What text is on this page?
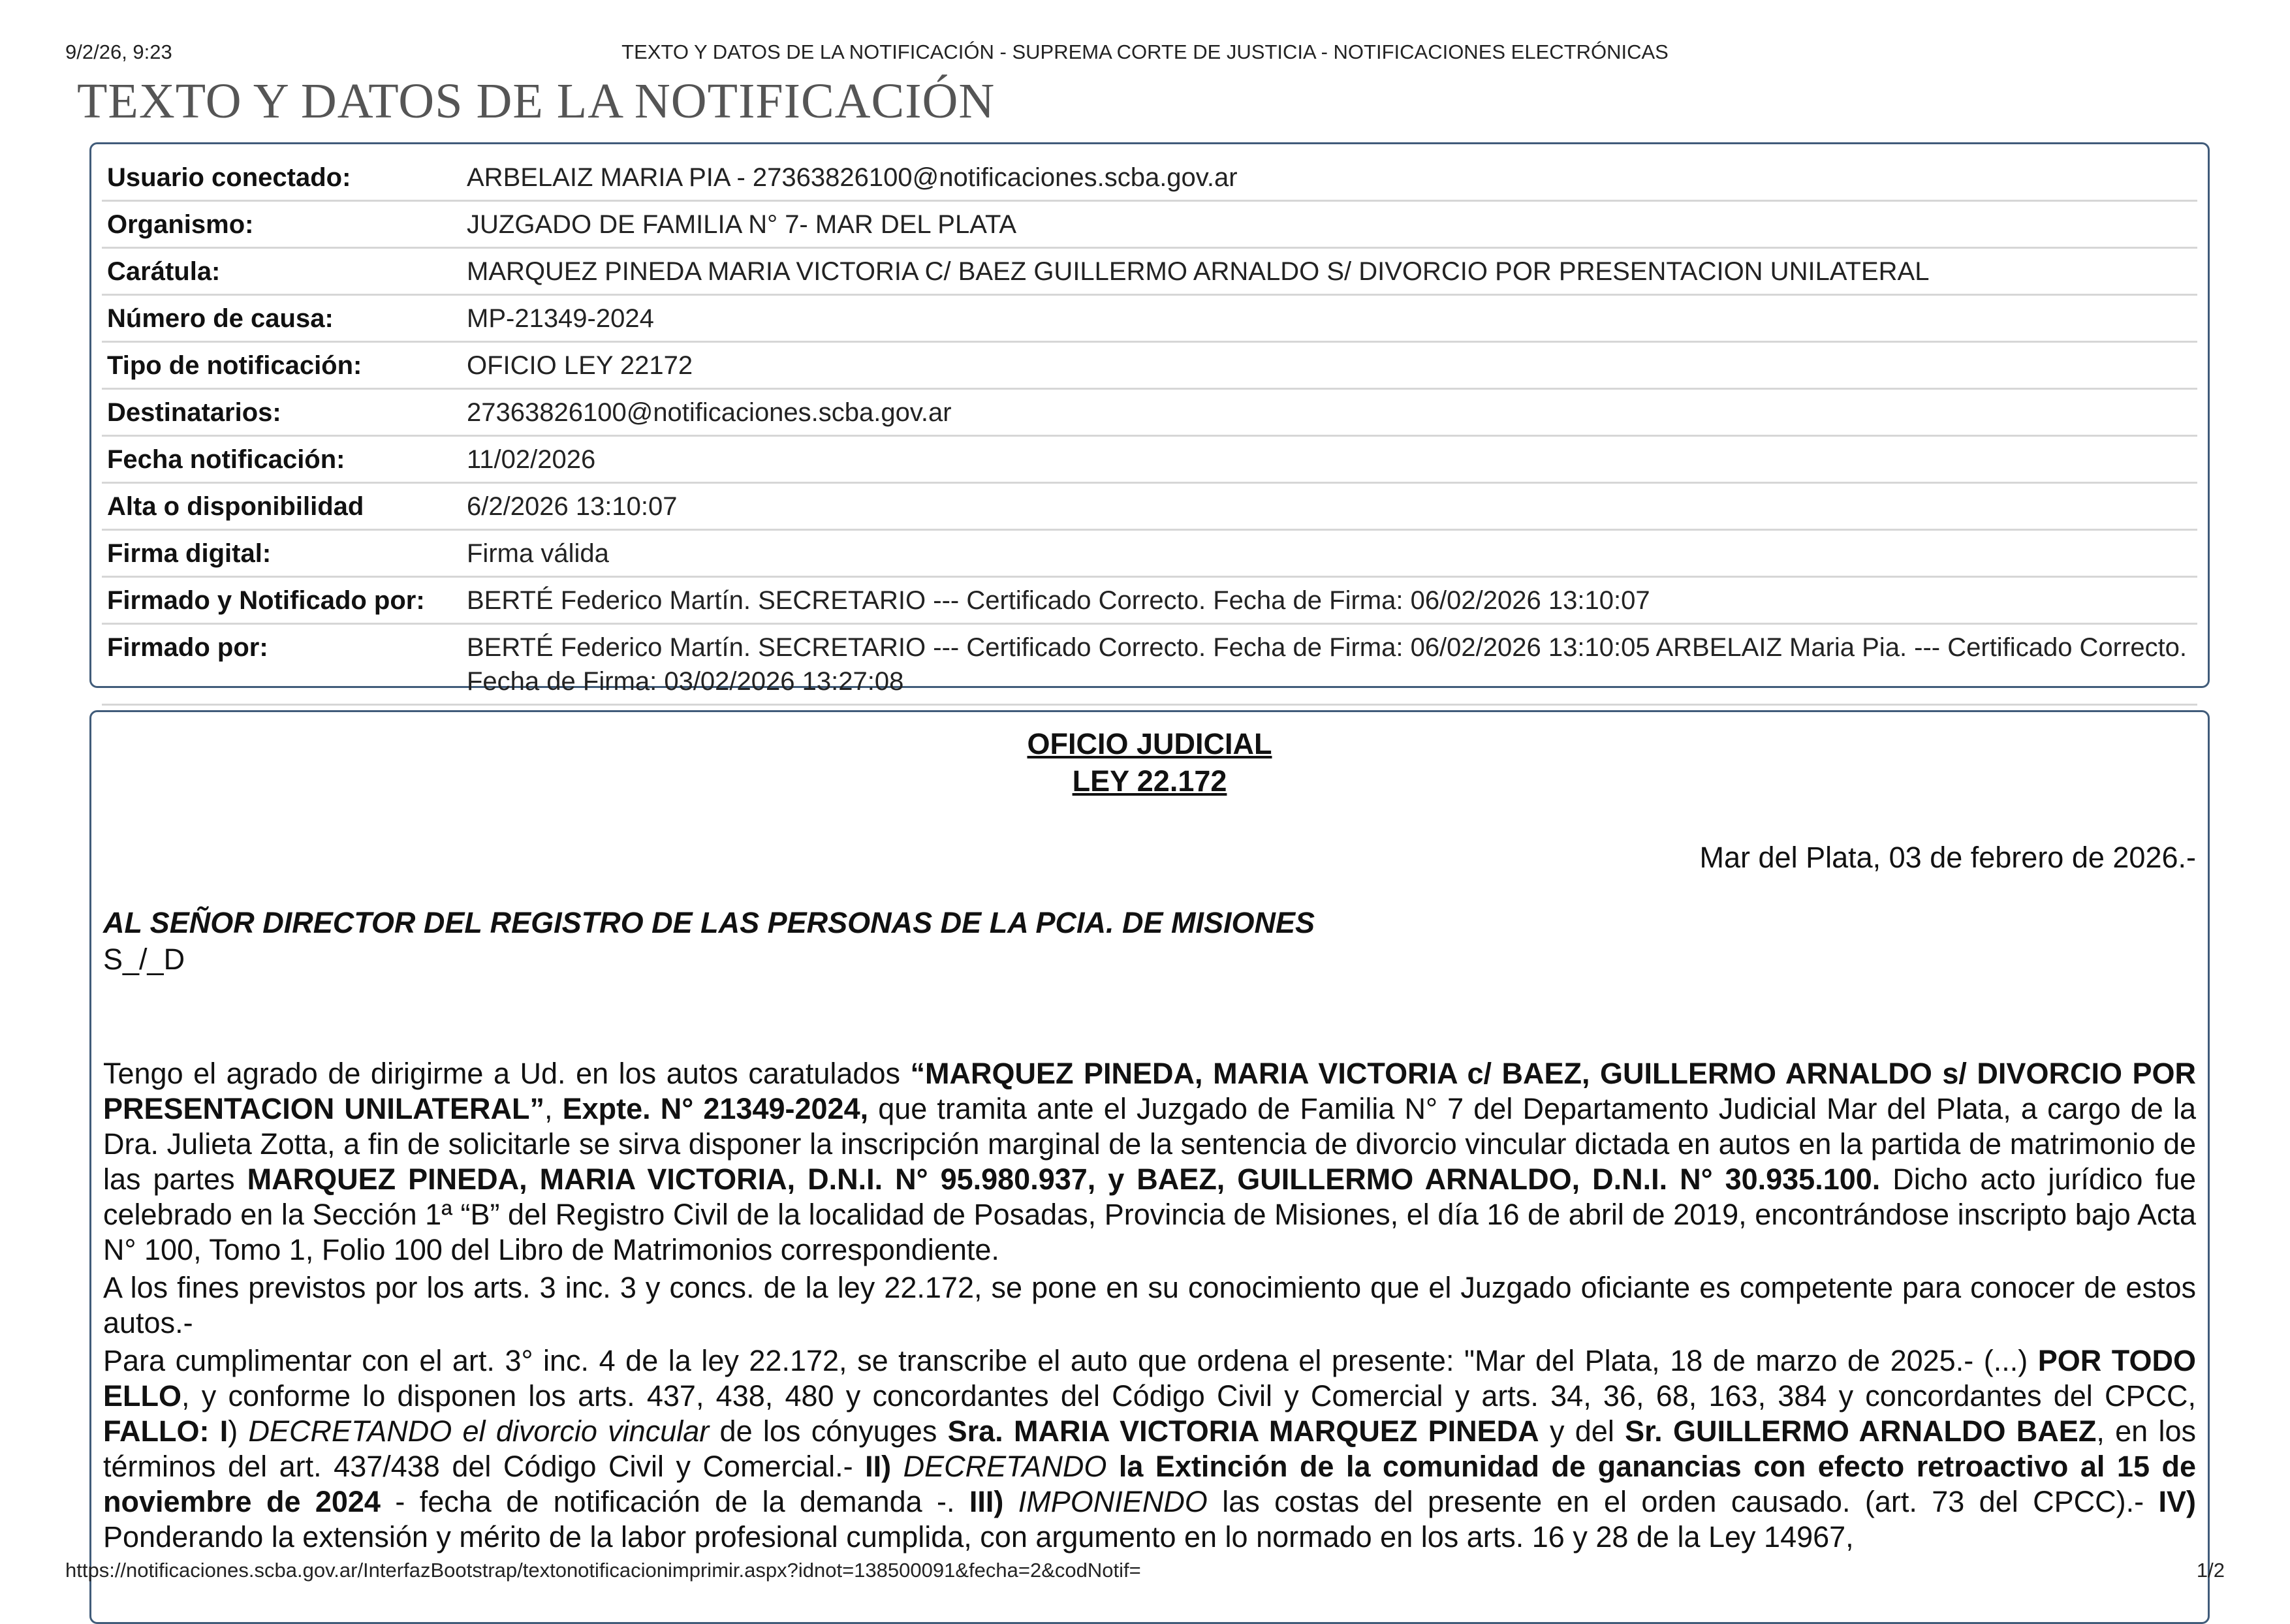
9/2/26, 9:23	TEXTO Y DATOS DE LA NOTIFICACIÓN - SUPREMA CORTE DE JUSTICIA - NOTIFICACIONES ELECTRÓNICAS
TEXTO Y DATOS DE LA NOTIFICACIÓN
Usuario conectado:	ARBELAIZ MARIA PIA - 27363826100@notificaciones.scba.gov.ar
Organismo:	JUZGADO DE FAMILIA N° 7- MAR DEL PLATA
Carátula:	MARQUEZ PINEDA MARIA VICTORIA C/ BAEZ GUILLERMO ARNALDO S/ DIVORCIO POR PRESENTACION UNILATERAL
Número de causa:	MP-21349-2024
Tipo de notificación:	OFICIO LEY 22172
Destinatarios:	27363826100@notificaciones.scba.gov.ar
Fecha notificación:	11/02/2026
Alta o disponibilidad	6/2/2026 13:10:07
Firma digital:	Firma válida
Firmado y Notificado por:	BERTÉ Federico Martín. SECRETARIO --- Certificado Correcto. Fecha de Firma: 06/02/2026 13:10:07
Firmado por:	BERTÉ Federico Martín. SECRETARIO --- Certificado Correcto. Fecha de Firma: 06/02/2026 13:10:05 ARBELAIZ Maria Pia. --- Certificado Correcto. Fecha de Firma: 03/02/2026 13:27:08

OFICIO JUDICIAL
LEY 22.172

Mar del Plata, 03 de febrero de 2026.-
AL SEÑOR DIRECTOR DEL REGISTRO DE LAS PERSONAS DE LA PCIA. DE MISIONES
S_/_D

Tengo el agrado de dirigirme a Ud. en los autos caratulados “MARQUEZ PINEDA, MARIA VICTORIA c/ BAEZ, GUILLERMO ARNALDO s/ DIVORCIO POR PRESENTACION UNILATERAL”, Expte. N° 21349-2024, que tramita ante el Juzgado de Familia N° 7 del Departamento Judicial Mar del Plata, a cargo de la Dra. Julieta Zotta, a fin de solicitarle se sirva disponer la inscripción marginal de la sentencia de divorcio vincular dictada en autos en la partida de matrimonio de las partes MARQUEZ PINEDA, MARIA VICTORIA, D.N.I. N° 95.980.937, y BAEZ, GUILLERMO ARNALDO, D.N.I. N° 30.935.100. Dicho acto jurídico fue celebrado en la Sección 1ª “B” del Registro Civil de la localidad de Posadas, Provincia de Misiones, el día 16 de abril de 2019, encontrándose inscripto bajo Acta N° 100, Tomo 1, Folio 100 del Libro de Matrimonios correspondiente.

A los fines previstos por los arts. 3 inc. 3 y concs. de la ley 22.172, se pone en su conocimiento que el Juzgado oficiante es competente para conocer de estos autos.-

Para cumplimentar con el art. 3° inc. 4 de la ley 22.172, se transcribe el auto que ordena el presente: "Mar del Plata, 18 de marzo de 2025.- (...) POR TODO ELLO, y conforme lo disponen los arts. 437, 438, 480 y concordantes del Código Civil y Comercial y arts. 34, 36, 68, 163, 384 y concordantes del CPCC, FALLO: I) DECRETANDO el divorcio vincular de los cónyuges Sra. MARIA VICTORIA MARQUEZ PINEDA y del Sr. GUILLERMO ARNALDO BAEZ, en los términos del art. 437/438 del Código Civil y Comercial.- II) DECRETANDO la Extinción de la comunidad de ganancias con efecto retroactivo al 15 de noviembre de 2024 - fecha de notificación de la demanda -. III) IMPONIENDO las costas del presente en el orden causado. (art. 73 del CPCC).- IV) Ponderando la extensión y mérito de la labor profesional cumplida, con argumento en lo normado en los arts. 16 y 28 de la Ley 14967,

https://notificaciones.scba.gov.ar/InterfazBootstrap/textonotificacionimprimir.aspx?idnot=138500091&fecha=2&codNotif=	1/2
